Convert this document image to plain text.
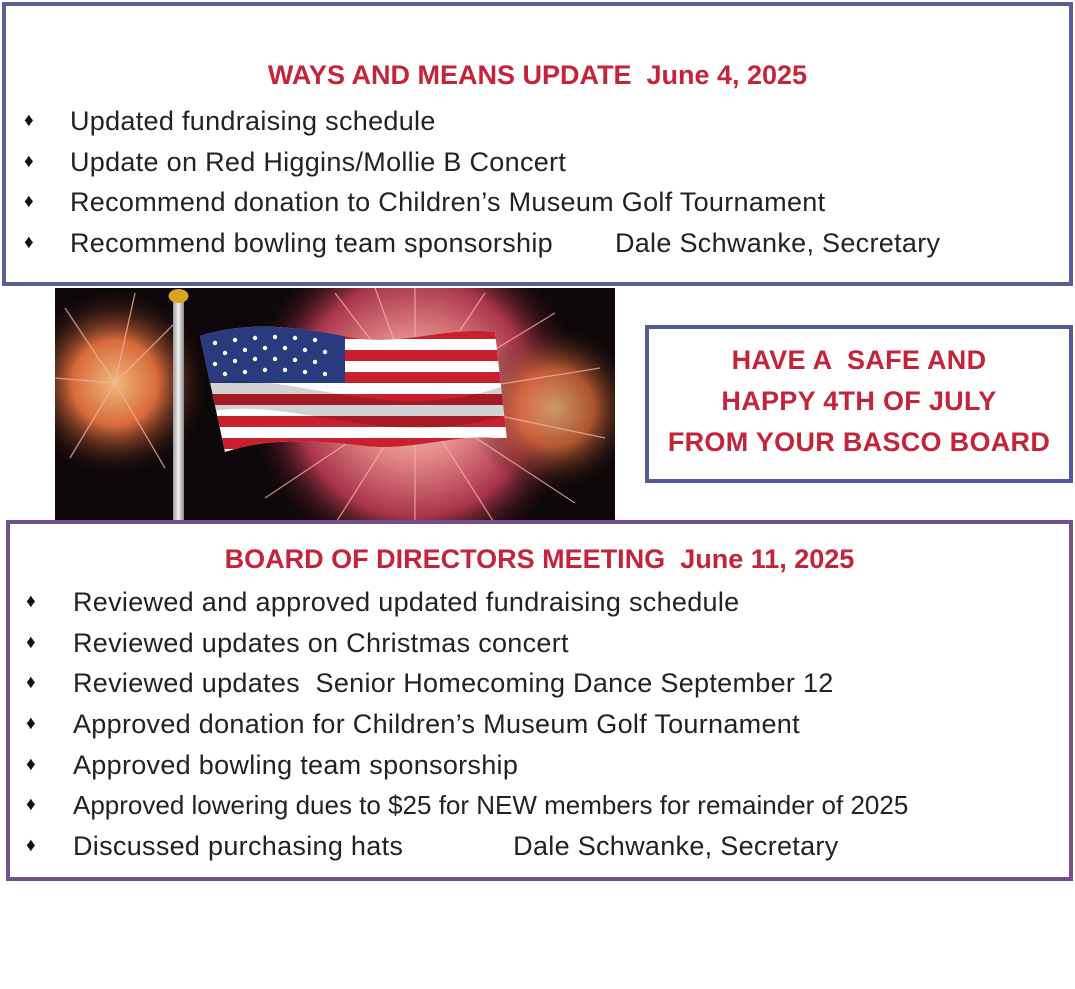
WAYS AND MEANS UPDATE  June 4, 2025

♦

Updated fundraising schedule

♦

Update on Red Higgins/Mollie B Concert

♦

Recommend donation to Children’s Museum Golf Tournament

♦

Recommend bowling team sponsorship Dale Schwanke, Secretary

HAVE A  SAFE AND
HAPPY 4TH OF JULY
FROM YOUR BASCO BOARD
BOARD OF DIRECTORS MEETING  June 11, 2025

♦

Reviewed and approved updated fundraising schedule

♦

Reviewed updates on Christmas concert

♦

Reviewed updates  Senior Homecoming Dance September 12

♦

Approved donation for Children’s Museum Golf Tournament

♦

Approved bowling team sponsorship

♦

Approved lowering dues to $25 for NEW members for remainder of 2025

♦

Discussed purchasing hats	Dale Schwanke, Secretary
